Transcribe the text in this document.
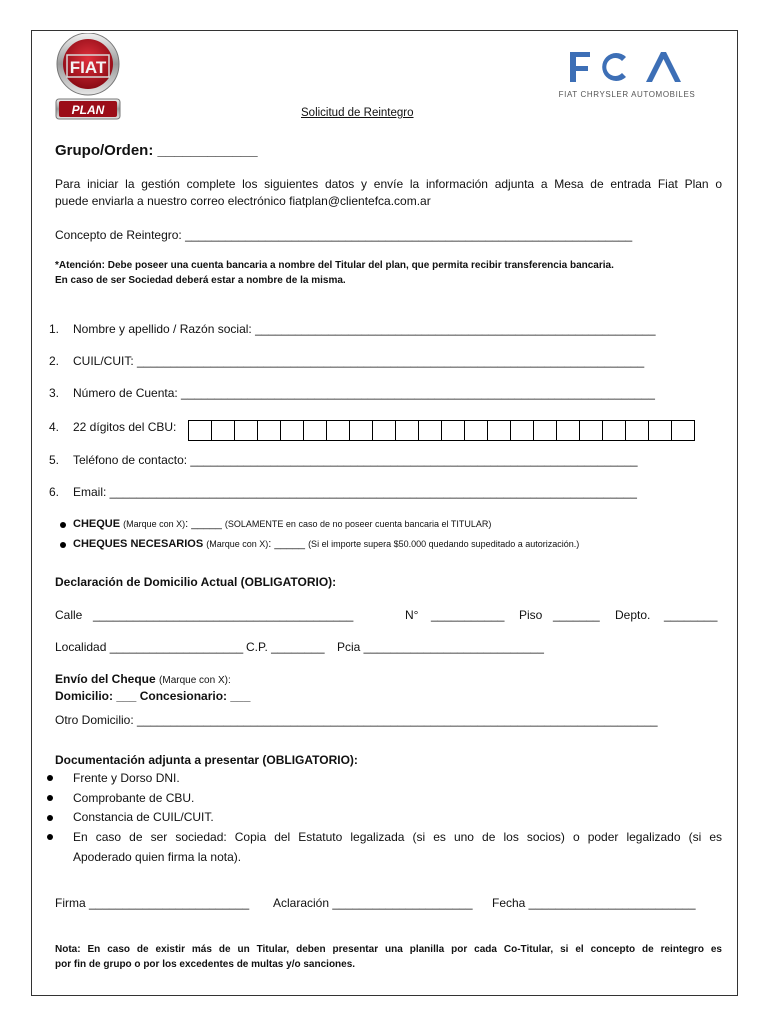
FIAT
PLAN
FIAT CHRYSLER AUTOMOBILES
Solicitud de Reintegro
Grupo/Orden: ____________
Para iniciar la gestión complete los siguientes datos y envíe la información adjunta a Mesa de entrada Fiat Plan o
puede enviarla a nuestro correo electrónico fiatplan@clientefca.com.ar
Concepto de Reintegro: ___________________________________________________________________
*Atención: Debe poseer una cuenta bancaria a nombre del Titular del plan, que permita recibir transferencia bancaria.
En caso de ser Sociedad deberá estar a nombre de la misma.
1. Nombre y apellido / Razón social: ____________________________________________________________
2. CUIL/CUIT: ____________________________________________________________________________
3. Número de Cuenta: _______________________________________________________________________
4. 22 dígitos del CBU:
5. Teléfono de contacto: ___________________________________________________________________
6. Email: _______________________________________________________________________________
CHEQUE (Marque con X): _____ (SOLAMENTE en caso de no poseer cuenta bancaria el TITULAR)
CHEQUES NECESARIOS (Marque con X): _____ (Si el importe supera $50.000 quedando supeditado a autorización.)
Declaración de Domicilio Actual (OBLIGATORIO):
Calle _______________________________________	N° ___________ Piso _______ Depto. ________
Localidad ____________________ C.P. ________ Pcia ___________________________
Envío del Cheque (Marque con X):
Domicilio: ___ Concesionario: ___
Otro Domicilio: ______________________________________________________________________________
Documentación adjunta a presentar (OBLIGATORIO):
Frente y Dorso DNI.
Comprobante de CBU.
Constancia de CUIL/CUIT.
En caso de ser sociedad: Copia del Estatuto legalizada (si es uno de los socios) o poder legalizado (si es
Apoderado quien firma la nota).
Firma ________________________ Aclaración _____________________ Fecha _________________________
Nota: En caso de existir más de un Titular, deben presentar una planilla por cada Co-Titular, si el concepto de reintegro es
por fin de grupo o por los excedentes de multas y/o sanciones.
